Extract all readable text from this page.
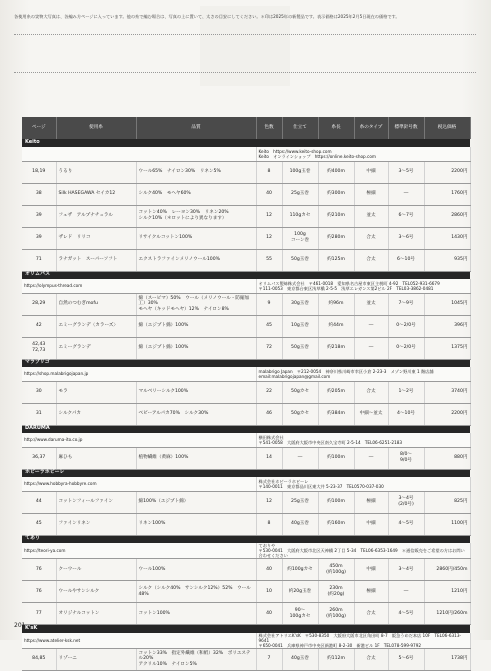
各使用糸の実物大写真は、各編み方ページに入っています。他の糸で編む場合は、写真の上に置いて、太さの目安にしてください。＊印は2025年の新製品です。表示価格は2025年2月5日現在の価格です。
ページ	使用糸	品質	色数	仕立て	糸長	糸のタイプ	標準針号数	税込価格
Keito								
			Keito　https://www.keito-shop.com
Keito　オンラインショップ　https://online.keito-shop.com					
18,19	うるり	ウール65%　ナイロン30%　リネン5%	8	100g玉巻	約400m	中細	3〜5号	2200円
38	Silk HASEGAWA セイカ12	シルク40%　モヘヤ60%	40	25g玉巻	約300m	極細	―	1760円
39	フェザ　アルプナチュラル	コットン40%　レーヨン30%　リネン20%
シルク10%（＊ロットにより異なります）	12	110gカセ	約210m	並太	6〜7号	2860円
39	ザレド　リリコ	リサイクルコットン100%	12	100g
コーン巻	約280m	合太	3〜6号	1430円
71	ラナガット　スーパーソフト	エクストラファインメリノウール100%	55	50g玉巻	約125m	合太	6〜10号	935円
オリムパス								
https://olympus-thread.com			オリムパス製絲株式会社　〒461-0018　愛知県名古屋市東区主税町 4-92　TEL052-931-6679
〒111-0053　東京都台東区浅草橋 2-5-5　浅草エレガンス第2ビル 2F　TEL03-3862-0481					
28,29	自然のつむぎmofu	綿（スーピマ）50%　ウール（メリノウール・防縮加工）30%
モヘヤ（キッドモヘヤ）12%　ナイロン8%	9	30g玉巻	約96m	並太	7〜9号	1045円
42	エミーグランデ〈カラーズ〉	綿（エジプト綿）100%	45	10g玉巻	約44m	―	0〜2/0号	396円
42,43
72,73	エミーグランデ	綿（エジプト綿）100%	72	50g玉巻	約218m	―	0〜2/0号	1375円
マラブリゴ								
https://shop.malabrigojapan.jp			malabrigo Japan　〒212-0054　神奈川県川崎市幸区小倉 2-23-3　メゾン野川東 1 階店舗
email:malabrigojapan@gmail.com					
30	モラ	マルベリーシルク100%	22	50gカセ	約205m	合太	1〜2号	3740円
31	シルクパカ	ベビーアルパカ70%　シルク30%	46	50gカセ	約384m	中細〜並太	4〜10号	2200円
DARUMA								
http://www.daruma-ito.co.jp			横田株式会社
〒541-0058　大阪府大阪市中央区南久宝寺町 2-5-14　TEL06-6251-2183					
36,37	麻ひも	植物繊維（黄麻）100%	14	―	約100m	―	8/0〜
9/0号	880円
ホビーラホビーレ								
https://www.hobbyra-hobbyre.com			株式会社ホビーラホビーレ
〒140-0011　東京都品川区東大井 5-23-37　TEL0570-037-030					
44	コットンフィールファイン	綿100%（エジプト綿）	12	25g玉巻	約100m	極細	3〜4号
(2/0号)	825円
45	ファインリネン	リネン100%	8	40g玉巻	約160m	中細	4〜5号	1100円
てあり								
https://teori-ya.com			ておりや
〒530-0041　大阪府大阪市北区天神橋 2丁目 5-34　TEL06-6353-1649　＊通信販売をご希望の方はお問い合わせください					
76	クーウール	ウール100%	40	約100gカセ	450m
(約100g)	中細	3〜4号	2860円/450m
76	ウールやサンシルク	シルク（シルク40%　サンシルク12%）52%　ウール48%	10	約20g玉巻	230m
(約20g)	極細	―	1210円
77	オリジナルコットン	コットン100%	40	90〜
100gカセ	260m
(約100g)	合太	4〜5号	1210円/260m
K'sK								
https://www.atelier-ksk.net			株式会社アトリエK'sK　〒530-8350　大阪府大阪市北区角田町 8-7　阪急うめだ本店 10F　TEL06-6313-9641
〒650-0041　兵庫県神戸市中央区新港町 8-2-30　新港ビル 1F　TEL078-599-9792					
84,85	リゾーニ	コットン33%　指定外繊維（和紙）32%　ポリエステル20%
アクリル10%　ナイロン5%	7	40g玉巻	約112m	合太	5〜6号	1738円
201
